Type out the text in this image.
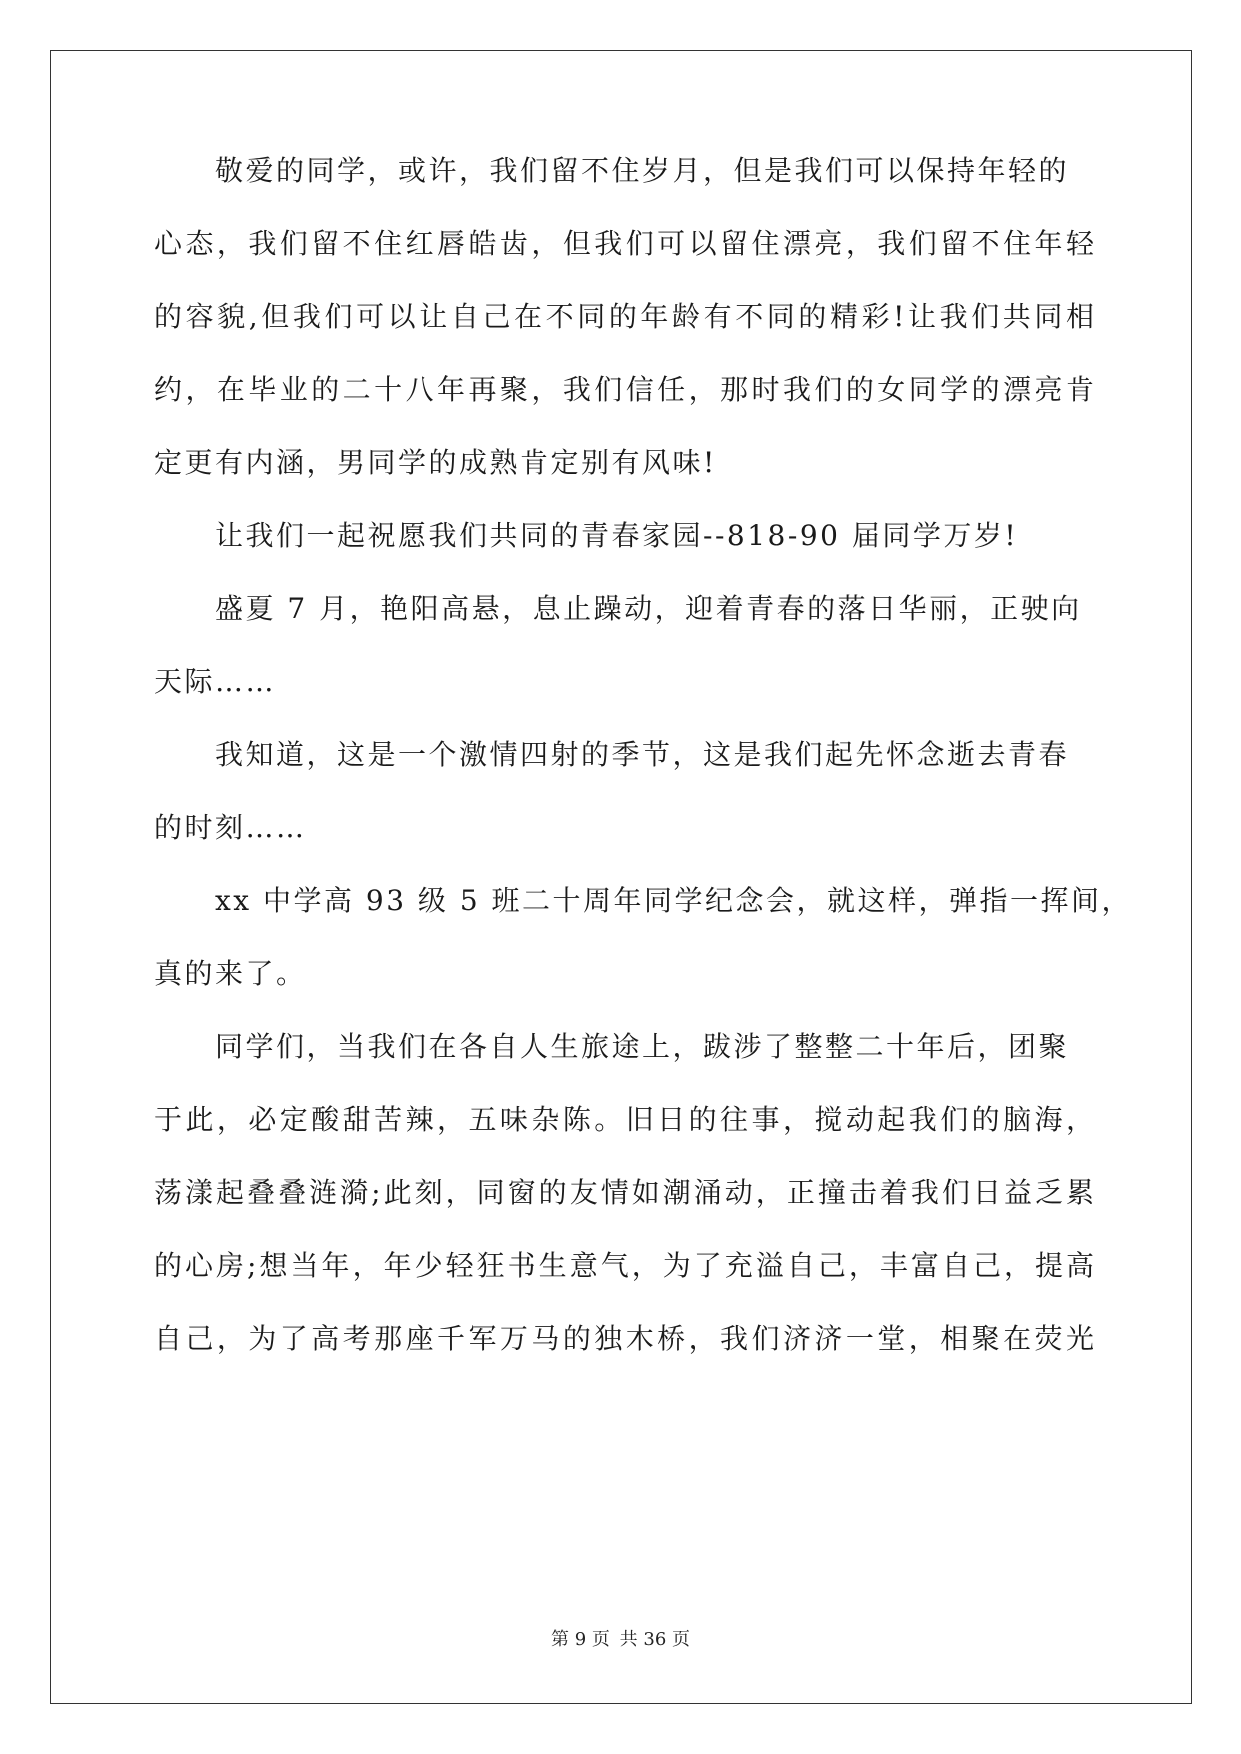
敬爱的同学，或许，我们留不住岁月，但是我们可以保持年轻的
心态，我们留不住红唇皓齿，但我们可以留住漂亮，我们留不住年轻
的容貌,但我们可以让自己在不同的年龄有不同的精彩!让我们共同相
约，在毕业的二十八年再聚，我们信任，那时我们的女同学的漂亮肯
定更有内涵，男同学的成熟肯定别有风味!
让我们一起祝愿我们共同的青春家园--818-90 届同学万岁!
盛夏 7 月，艳阳高悬，息止躁动，迎着青春的落日华丽，正驶向
天际……
我知道，这是一个激情四射的季节，这是我们起先怀念逝去青春
的时刻……
xx 中学高 93 级 5 班二十周年同学纪念会，就这样，弹指一挥间，
真的来了。
同学们，当我们在各自人生旅途上，跋涉了整整二十年后，团聚
于此，必定酸甜苦辣，五味杂陈。旧日的往事，搅动起我们的脑海，
荡漾起叠叠涟漪;此刻，同窗的友情如潮涌动，正撞击着我们日益乏累
的心房;想当年，年少轻狂书生意气，为了充溢自己，丰富自己，提高
自己，为了高考那座千军万马的独木桥，我们济济一堂，相聚在荧光
第 9 页 共 36 页
